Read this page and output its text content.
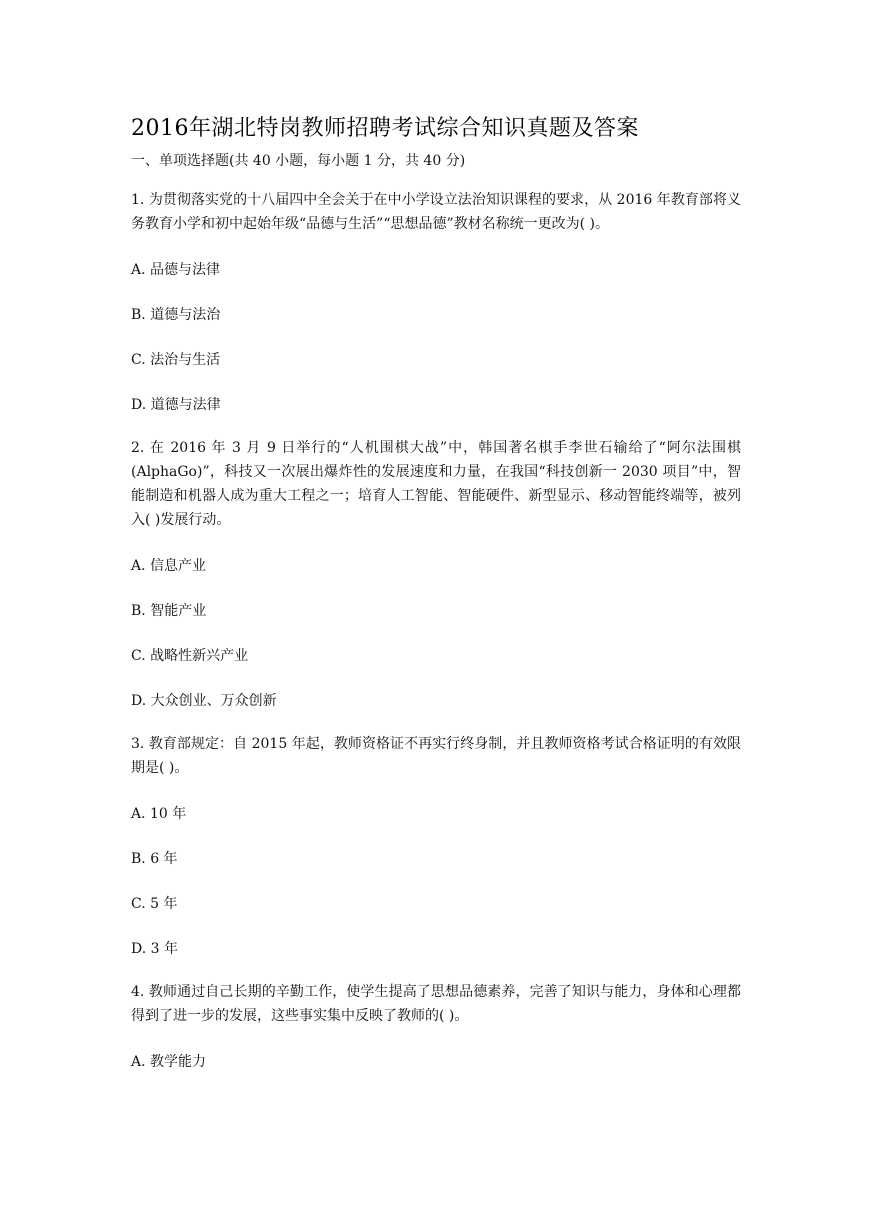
2016年湖北特岗教师招聘考试综合知识真题及答案

一、单项选择题(共 40 小题，每小题 1 分，共 40 分)

1. 为贯彻落实党的十八届四中全会关于在中小学设立法治知识课程的要求，从 2016 年教育部将义务教育小学和初中起始年级“品德与生活”“思想品德”教材名称统一更改为( )。

A. 品德与法律

B. 道德与法治

C. 法治与生活

D. 道德与法律

2. 在 2016 年 3 月 9 日举行的“人机围棋大战”中，韩国著名棋手李世石输给了“阿尔法围棋(AlphaGo)”，科技又一次展出爆炸性的发展速度和力量，在我国“科技创新一 2030 项目”中，智能制造和机器人成为重大工程之一；培育人工智能、智能硬件、新型显示、移动智能终端等，被列入( )发展行动。

A. 信息产业

B. 智能产业

C. 战略性新兴产业

D. 大众创业、万众创新

3. 教育部规定：自 2015 年起，教师资格证不再实行终身制，并且教师资格考试合格证明的有效限期是( )。

A. 10 年

B. 6 年

C. 5 年

D. 3 年

4. 教师通过自己长期的辛勤工作，使学生提高了思想品德素养，完善了知识与能力，身体和心理都得到了进一步的发展，这些事实集中反映了教师的( )。

A. 教学能力
